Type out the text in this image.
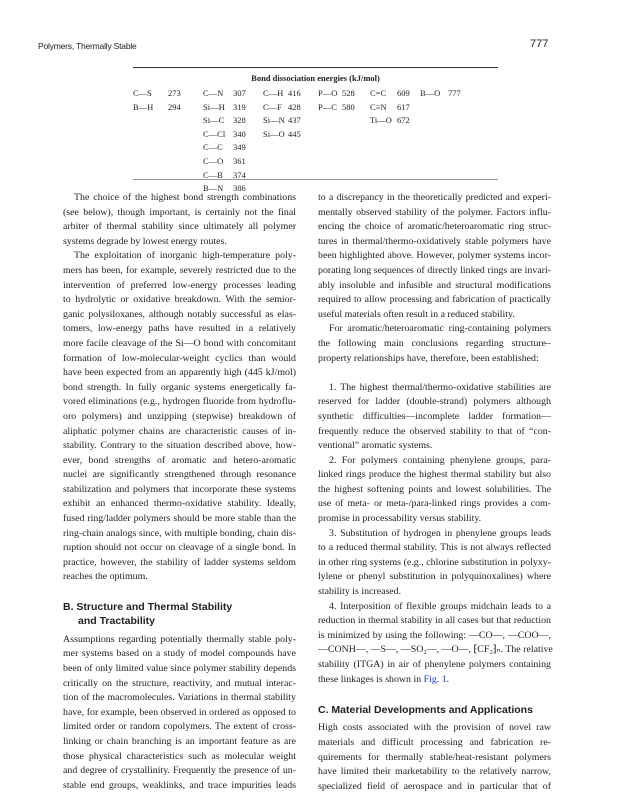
Polymers, Thermally Stable	777
Bond dissociation energies (kJ/mol)
C—S 273
B—H 294
C—N 307
Si—H 319
Si—C 328
C—Cl 340
C—C 349
C—O 361
C—B 374
B—N 386
C—H 416
C—F 428
Si—N 437
Si—O 445
P—O 528
P—C 580
C=C 609
C≡N 617
Ti—O 672
B—O 777
The choice of the highest bond strength combinations
(see below), though important, is certainly not the final
arbiter of thermal stability since ultimately all polymer
systems degrade by lowest energy routes.
The exploitation of inorganic high-temperature poly-
mers has been, for example, severely restricted due to the
intervention of preferred low-energy processes leading
to hydrolytic or oxidative breakdown. With the semior-
ganic polysiloxanes, although notably successful as elas-
tomers, low-energy paths have resulted in a relatively
more facile cleavage of the Si—O bond with concomitant
formation of low-molecular-weight cyclics than would
have been expected from an apparently high (445 kJ/mol)
bond strength. In fully organic systems energetically fa-
vored eliminations (e.g., hydrogen fluoride from hydroflu-
oro polymers) and unzipping (stepwise) breakdown of
aliphatic polymer chains are characteristic causes of in-
stability. Contrary to the situation described above, how-
ever, bond strengths of aromatic and hetero-aromatic
nuclei are significantly strengthened through resonance
stabilization and polymers that incorporate these systems
exhibit an enhanced thermo-oxidative stability. Ideally,
fused ring/ladder polymers should be more stable than the
ring-chain analogs since, with multiple bonding, chain dis-
ruption should not occur on cleavage of a single bond. In
practice, however, the stability of ladder systems seldom
reaches the optimum.
B. Structure and Thermal Stability
and Tractability
Assumptions regarding potentially thermally stable poly-
mer systems based on a study of model compounds have
been of only limited value since polymer stability depends
critically on the structure, reactivity, and mutual interac-
tion of the macromolecules. Variations in thermal stability
have, for example, been observed in ordered as opposed to
limited order or random copolymers. The extent of cross-
linking or chain branching is an important feature as are
those physical characteristics such as molecular weight
and degree of crystallinity. Frequently the presence of un-
stable end groups, weaklinks, and trace impurities leads
to a discrepancy in the theoretically predicted and experi-
mentally observed stability of the polymer. Factors influ-
encing the choice of aromatic/heteroaromatic ring struc-
tures in thermal/thermo-oxidatively stable polymers have
been highlighted above. However, polymer systems incor-
porating long sequences of directly linked rings are invari-
ably insoluble and infusible and structural modifications
required to allow processing and fabrication of practically
useful materials often result in a reduced stability.
For aromatic/heteroaromatic ring-containing polymers
the following main conclusions regarding structure–
property relationships have, therefore, been established:
1. The highest thermal/thermo-oxidative stabilities are
reserved for ladder (double-strand) polymers although
synthetic difficulties—incomplete ladder formation—
frequently reduce the observed stability to that of “con-
ventional” aromatic systems.
2. For polymers containing phenylene groups, para-
linked rings produce the highest thermal stability but also
the highest softening points and lowest solubilities. The
use of meta- or meta-/para-linked rings provides a com-
promise in processability versus stability.
3. Substitution of hydrogen in phenylene groups leads
to a reduced thermal stability. This is not always reflected
in other ring systems (e.g., chlorine substitution in polyxy-
lylene or phenyl substitution in polyquinoxalines) where
stability is increased.
4. Interposition of flexible groups midchain leads to a
reduction in thermal stability in all cases but that reduction
is minimized by using the following: —CO—, —COO—,
—CONH—, —S—, —SO₂—, —O—, ⁅CF₂⁆ₙ. The relative
stability (ITGA) in air of phenylene polymers containing
these linkages is shown in Fig. 1.
C. Material Developments and Applications
High costs associated with the provision of novel raw
materials and difficult processing and fabrication re-
quirements for thermally stable/heat-resistant polymers
have limited their marketability to the relatively narrow,
specialized field of aerospace and in particular that of
